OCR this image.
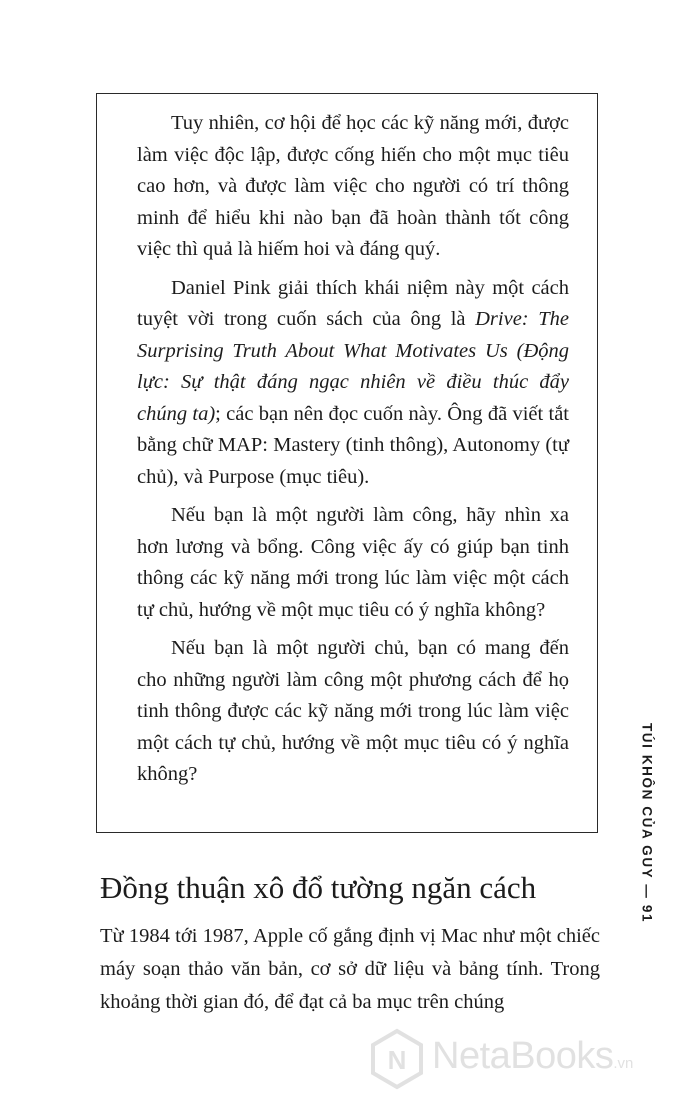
Tuy nhiên, cơ hội để học các kỹ năng mới, được làm việc độc lập, được cống hiến cho một mục tiêu cao hơn, và được làm việc cho người có trí thông minh để hiểu khi nào bạn đã hoàn thành tốt công việc thì quả là hiếm hoi và đáng quý.

Daniel Pink giải thích khái niệm này một cách tuyệt vời trong cuốn sách của ông là Drive: The Surprising Truth About What Motivates Us (Động lực: Sự thật đáng ngạc nhiên về điều thúc đẩy chúng ta); các bạn nên đọc cuốn này. Ông đã viết tắt bằng chữ MAP: Mastery (tinh thông), Autonomy (tự chủ), và Purpose (mục tiêu).

Nếu bạn là một người làm công, hãy nhìn xa hơn lương và bổng. Công việc ấy có giúp bạn tinh thông các kỹ năng mới trong lúc làm việc một cách tự chủ, hướng về một mục tiêu có ý nghĩa không?

Nếu bạn là một người chủ, bạn có mang đến cho những người làm công một phương cách để họ tinh thông được các kỹ năng mới trong lúc làm việc một cách tự chủ, hướng về một mục tiêu có ý nghĩa không?

Đồng thuận xô đổ tường ngăn cách

Từ 1984 tới 1987, Apple cố gắng định vị Mac như một chiếc máy soạn thảo văn bản, cơ sở dữ liệu và bảng tính. Trong khoảng thời gian đó, để đạt cả ba mục trên chúng

TÚI KHÔN CỦA GUY — 91
N NetaBooks.vn
